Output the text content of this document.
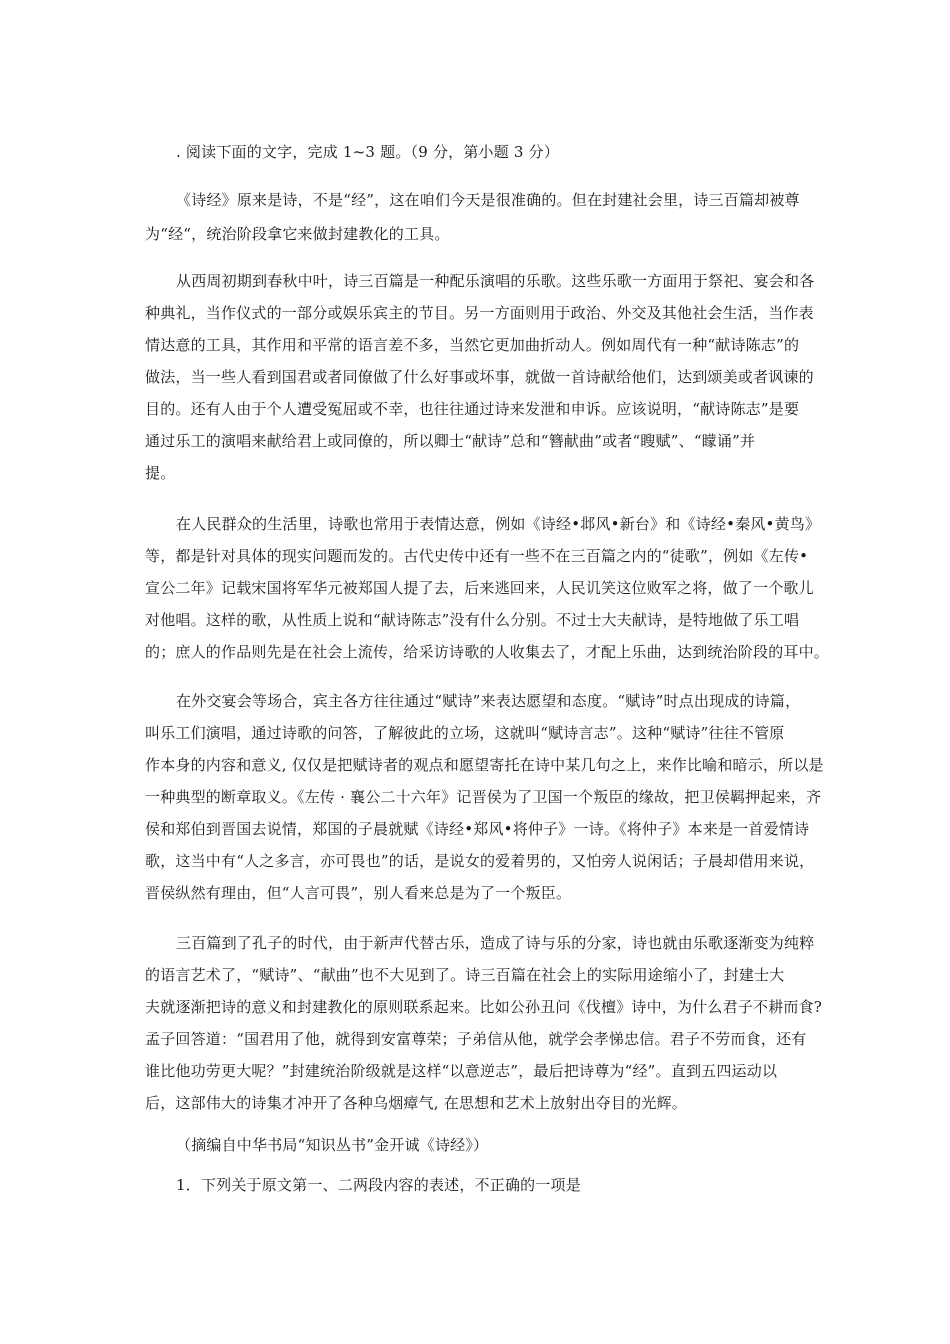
. 阅读下面的文字，完成 1~3 题。（9 分，第小题 3 分）
《诗经》原来是诗，不是“经”，这在咱们今天是很准确的。但在封建社会里，诗三百篇却被尊
为“经“，统治阶段拿它来做封建教化的工具。
从西周初期到春秋中叶，诗三百篇是一种配乐演唱的乐歌。这些乐歌一方面用于祭祀、宴会和各
种典礼，当作仪式的一部分或娱乐宾主的节目。另一方面则用于政治、外交及其他社会生活，当作表
情达意的工具，其作用和平常的语言差不多，当然它更加曲折动人。例如周代有一种“献诗陈志”的
做法，当一些人看到国君或者同僚做了什么好事或坏事，就做一首诗献给他们，达到颂美或者讽谏的
目的。还有人由于个人遭受冤屈或不幸，也往往通过诗来发泄和申诉。应该说明，“献诗陈志”是要
通过乐工的演唱来献给君上或同僚的，所以卿士“献诗”总和“簪献曲”或者“瞍赋”、“矇诵”并
提。
在人民群众的生活里，诗歌也常用于表情达意，例如《诗经•邶风•新台》和《诗经•秦风•黄鸟》
等，都是针对具体的现实问题而发的。古代史传中还有一些不在三百篇之内的“徒歌”，例如《左传•
宣公二年》记载宋国将军华元被郑国人提了去，后来逃回来，人民讥笑这位败军之将，做了一个歌儿
对他唱。这样的歌，从性质上说和“献诗陈志”没有什么分别。不过士大夫献诗，是特地做了乐工唱
的；庶人的作品则先是在社会上流传，给采访诗歌的人收集去了，才配上乐曲，达到统治阶段的耳中。
在外交宴会等场合，宾主各方往往通过“赋诗”来表达愿望和态度。“赋诗”时点出现成的诗篇，
叫乐工们演唱，通过诗歌的问答，了解彼此的立场，这就叫“赋诗言志”。这种“赋诗”往往不管原
作本身的内容和意义, 仅仅是把赋诗者的观点和愿望寄托在诗中某几句之上，来作比喻和暗示，所以是
一种典型的断章取义。《左传 · 襄公二十六年》记晋侯为了卫国一个叛臣的缘故，把卫侯羁押起来，齐
侯和郑伯到晋国去说情，郑国的子晨就赋《诗经•郑风•将仲子》一诗。《将仲子》本来是一首爱情诗
歌，这当中有“人之多言，亦可畏也”的话，是说女的爱着男的，又怕旁人说闲话；子晨却借用来说，
晋侯纵然有理由，但“人言可畏”，别人看来总是为了一个叛臣。
三百篇到了孔子的时代，由于新声代替古乐，造成了诗与乐的分家，诗也就由乐歌逐渐变为纯粹
的语言艺术了，“赋诗”、“献曲”也不大见到了。诗三百篇在社会上的实际用途缩小了，封建士大
夫就逐渐把诗的意义和封建教化的原则联系起来。比如公孙丑问《伐檀》诗中，为什么君子不耕而食?
孟子回答道：“国君用了他，就得到安富尊荣；子弟信从他，就学会孝悌忠信。君子不劳而食，还有
谁比他功劳更大呢？”封建统治阶级就是这样“以意逆志”，最后把诗尊为“经”。直到五四运动以
后，这部伟大的诗集才冲开了各种乌烟瘴气, 在思想和艺术上放射出夺目的光辉。
（摘编自中华书局“知识丛书”金开诚《诗经》）
1．下列关于原文第一、二两段内容的表述，不正确的一项是
